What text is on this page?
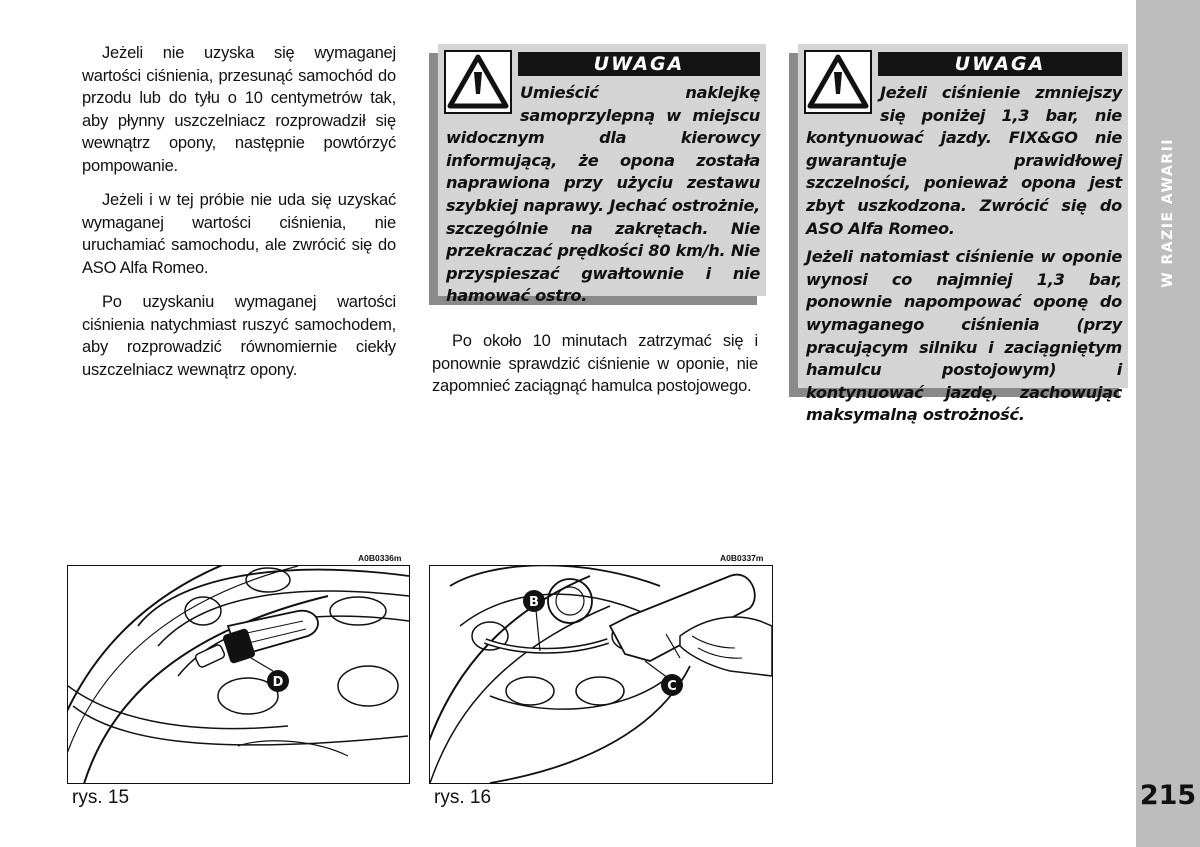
Jeżeli nie uzyska się wymaganej wartości ciśnienia, przesunąć samochód do przodu lub do tyłu o 10 centymetrów tak, aby płynny uszczelniacz rozprowadził się wewnątrz opony, następnie powtórzyć pompowanie.

Jeżeli i w tej próbie nie uda się uzyskać wymaganej wartości ciśnienia, nie uruchamiać samochodu, ale zwrócić się do ASO Alfa Romeo.

Po uzyskaniu wymaganej wartości ciśnienia natychmiast ruszyć samochodem, aby rozprowadzić równomiernie ciekły uszczelniacz wewnątrz opony.

UWAGA

Umieścić naklejkę samoprzylepną w miejscu widocznym dla kierowcy informującą, że opona została naprawiona przy użyciu zestawu szybkiej naprawy. Jechać ostrożnie, szczególnie na zakrętach. Nie przekraczać prędkości 80 km/h. Nie przyspieszać gwałtownie i nie hamować ostro.

UWAGA

Jeżeli ciśnienie zmniejszy się poniżej 1,3 bar, nie kontynuować jazdy. FIX&GO nie gwarantuje prawidłowej szczelności, ponieważ opona jest zbyt uszkodzona. Zwrócić się do ASO Alfa Romeo.

Jeżeli natomiast ciśnienie w oponie wynosi co najmniej 1,3 bar, ponownie napompować oponę do wymaganego ciśnienia (przy pracującym silniku i zaciągniętym hamulcu postojowym) i kontynuować jazdę, zachowując maksymalną ostrożność.

Po około 10 minutach zatrzymać się i ponownie sprawdzić ciśnienie w oponie, nie zapomnieć zaciągnąć hamulca postojowego.

A0B0336m
D
rys. 15
A0B0337m
B
C
rys. 16
W RAZIE AWARII
215
